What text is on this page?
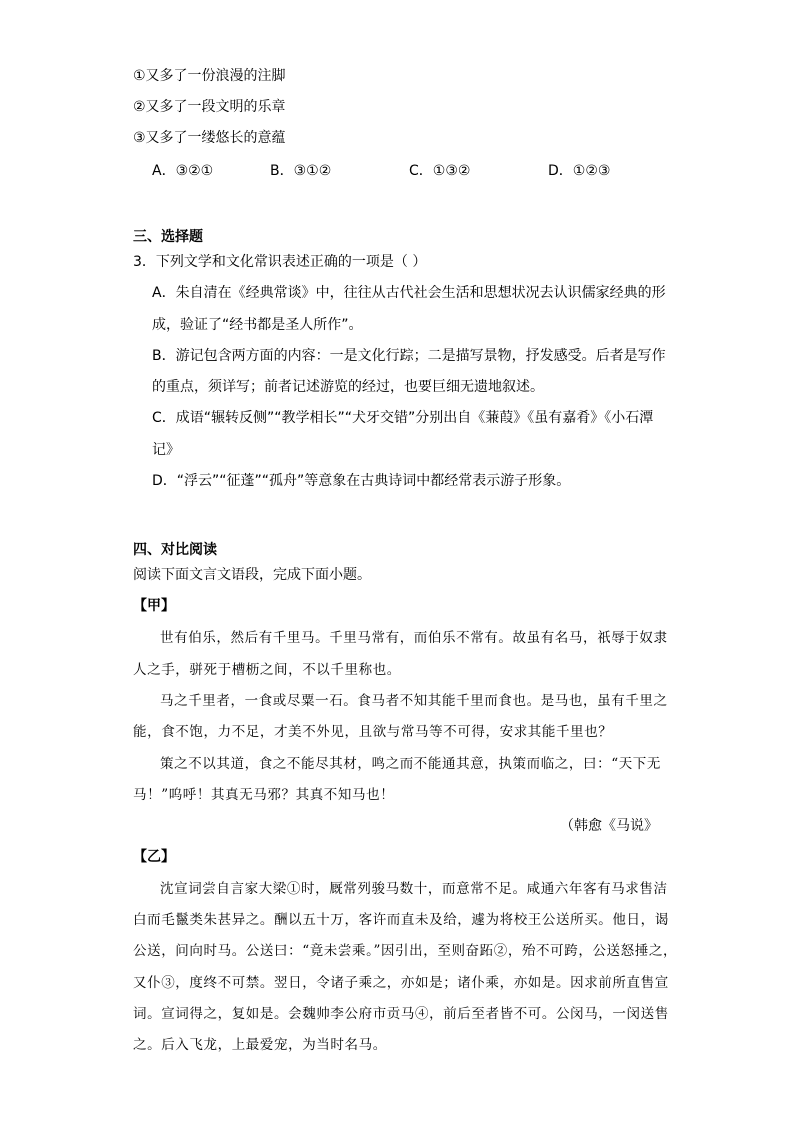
①又多了一份浪漫的注脚
②又多了一段文明的乐章
③又多了一缕悠长的意蕴
A．③②①	B．③①②	C．①③②	D．①②③
三、选择题
3．下列文学和文化常识表述正确的一项是（ ）
A．朱自清在《经典常谈》中，往往从古代社会生活和思想状况去认识儒家经典的形
成，验证了“经书都是圣人所作”。
B．游记包含两方面的内容：一是文化行踪；二是描写景物，抒发感受。后者是写作
的重点，须详写；前者记述游览的经过，也要巨细无遗地叙述。
C．成语“辗转反侧”“教学相长”“犬牙交错”分别出自《蒹葭》《虽有嘉肴》《小石潭
记》
D．“浮云”“征蓬”“孤舟”等意象在古典诗词中都经常表示游子形象。
四、对比阅读
阅读下面文言文语段，完成下面小题。
【甲】
世有伯乐，然后有千里马。千里马常有，而伯乐不常有。故虽有名马，祇辱于奴隶
人之手，骈死于槽枥之间，不以千里称也。
马之千里者，一食或尽粟一石。食马者不知其能千里而食也。是马也，虽有千里之
能，食不饱，力不足，才美不外见，且欲与常马等不可得，安求其能千里也？
策之不以其道，食之不能尽其材，鸣之而不能通其意，执策而临之，曰：“天下无
马！”呜呼！其真无马邪？其真不知马也！
（韩愈《马说》
【乙】
沈宣词尝自言家大梁①时，厩常列骏马数十，而意常不足。咸通六年客有马求售洁
白而毛鬣类朱甚异之。酬以五十万，客许而直未及给，遽为将校王公送所买。他日，谒
公送，问向时马。公送曰：“竟未尝乘。”因引出，至则奋跖②，殆不可跨，公送怒捶之，
又仆③，度终不可禁。翌日，令诸子乘之，亦如是；诸仆乘，亦如是。因求前所直售宣
词。宣词得之，复如是。会魏帅李公府市贡马④，前后至者皆不可。公闵马，一闵送售
之。后入飞龙，上最爱宠，为当时名马。
